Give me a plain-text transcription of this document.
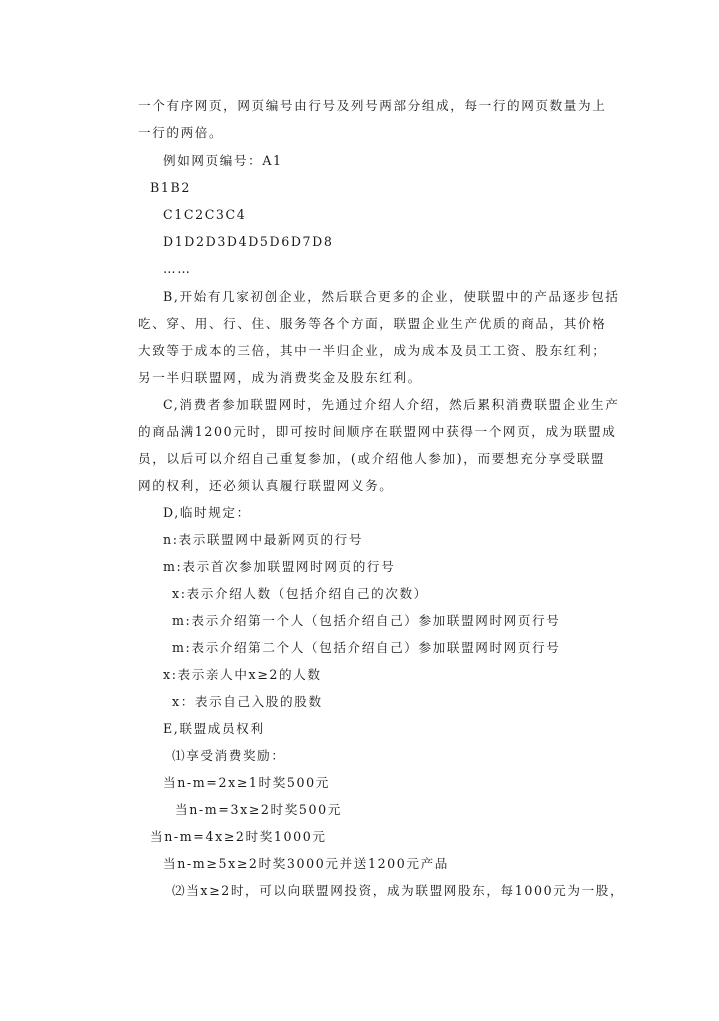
一个有序网页，网页编号由行号及列号两部分组成，每一行的网页数量为上
一行的两倍。
例如网页编号：A1
B1B2
C1C2C3C4
D1D2D3D4D5D6D7D8
……
B,开始有几家初创企业，然后联合更多的企业，使联盟中的产品逐步包括
吃、穿、用、行、住、服务等各个方面，联盟企业生产优质的商品，其价格
大致等于成本的三倍，其中一半归企业，成为成本及员工工资、股东红利；
另一半归联盟网，成为消费奖金及股东红利。
C,消费者参加联盟网时，先通过介绍人介绍，然后累积消费联盟企业生产
的商品满1200元时，即可按时间顺序在联盟网中获得一个网页，成为联盟成
员，以后可以介绍自己重复参加，(或介绍他人参加)，而要想充分享受联盟
网的权利，还必须认真履行联盟网义务。
D,临时规定：
n:表示联盟网中最新网页的行号
m:表示首次参加联盟网时网页的行号
x:表示介绍人数（包括介绍自己的次数）
m:表示介绍第一个人（包括介绍自己）参加联盟网时网页行号
m:表示介绍第二个人（包括介绍自己）参加联盟网时网页行号
x:表示亲人中x≥2的人数
x：表示自己入股的股数
E,联盟成员权利
⑴享受消费奖励：
当n-m=2x≥1时奖500元
当n-m=3x≥2时奖500元
当n-m=4x≥2时奖1000元
当n-m≥5x≥2时奖3000元并送1200元产品
⑵当x≥2时，可以向联盟网投资，成为联盟网股东，每1000元为一股，
